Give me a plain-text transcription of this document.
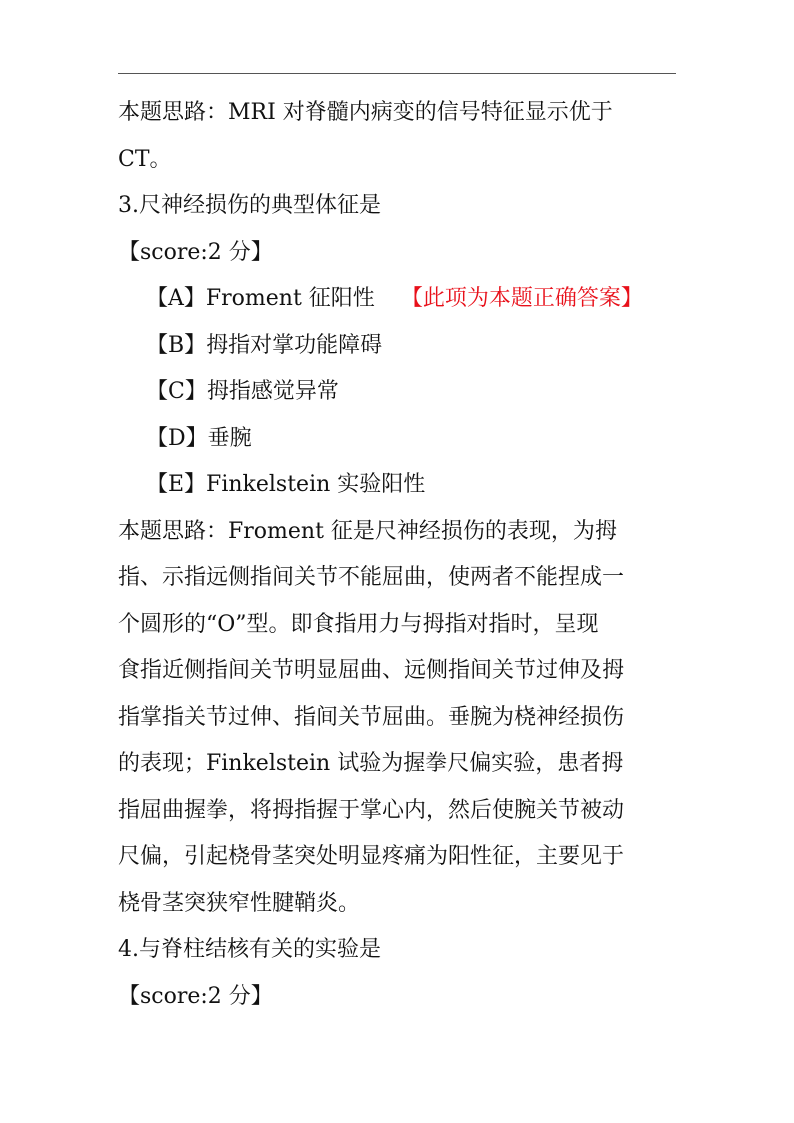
本题思路：MRI 对脊髓内病变的信号特征显示优于
CT。
3.尺神经损伤的典型体征是
【score:2 分】
【A】Froment 征阳性 【此项为本题正确答案】
【B】拇指对掌功能障碍
【C】拇指感觉异常
【D】垂腕
【E】Finkelstein 实验阳性
本题思路：Froment 征是尺神经损伤的表现，为拇
指、示指远侧指间关节不能屈曲，使两者不能捏成一
个圆形的“O”型。即食指用力与拇指对指时，呈现
食指近侧指间关节明显屈曲、远侧指间关节过伸及拇
指掌指关节过伸、指间关节屈曲。垂腕为桡神经损伤
的表现；Finkelstein 试验为握拳尺偏实验，患者拇
指屈曲握拳，将拇指握于掌心内，然后使腕关节被动
尺偏，引起桡骨茎突处明显疼痛为阳性征，主要见于
桡骨茎突狭窄性腱鞘炎。
4.与脊柱结核有关的实验是
【score:2 分】
